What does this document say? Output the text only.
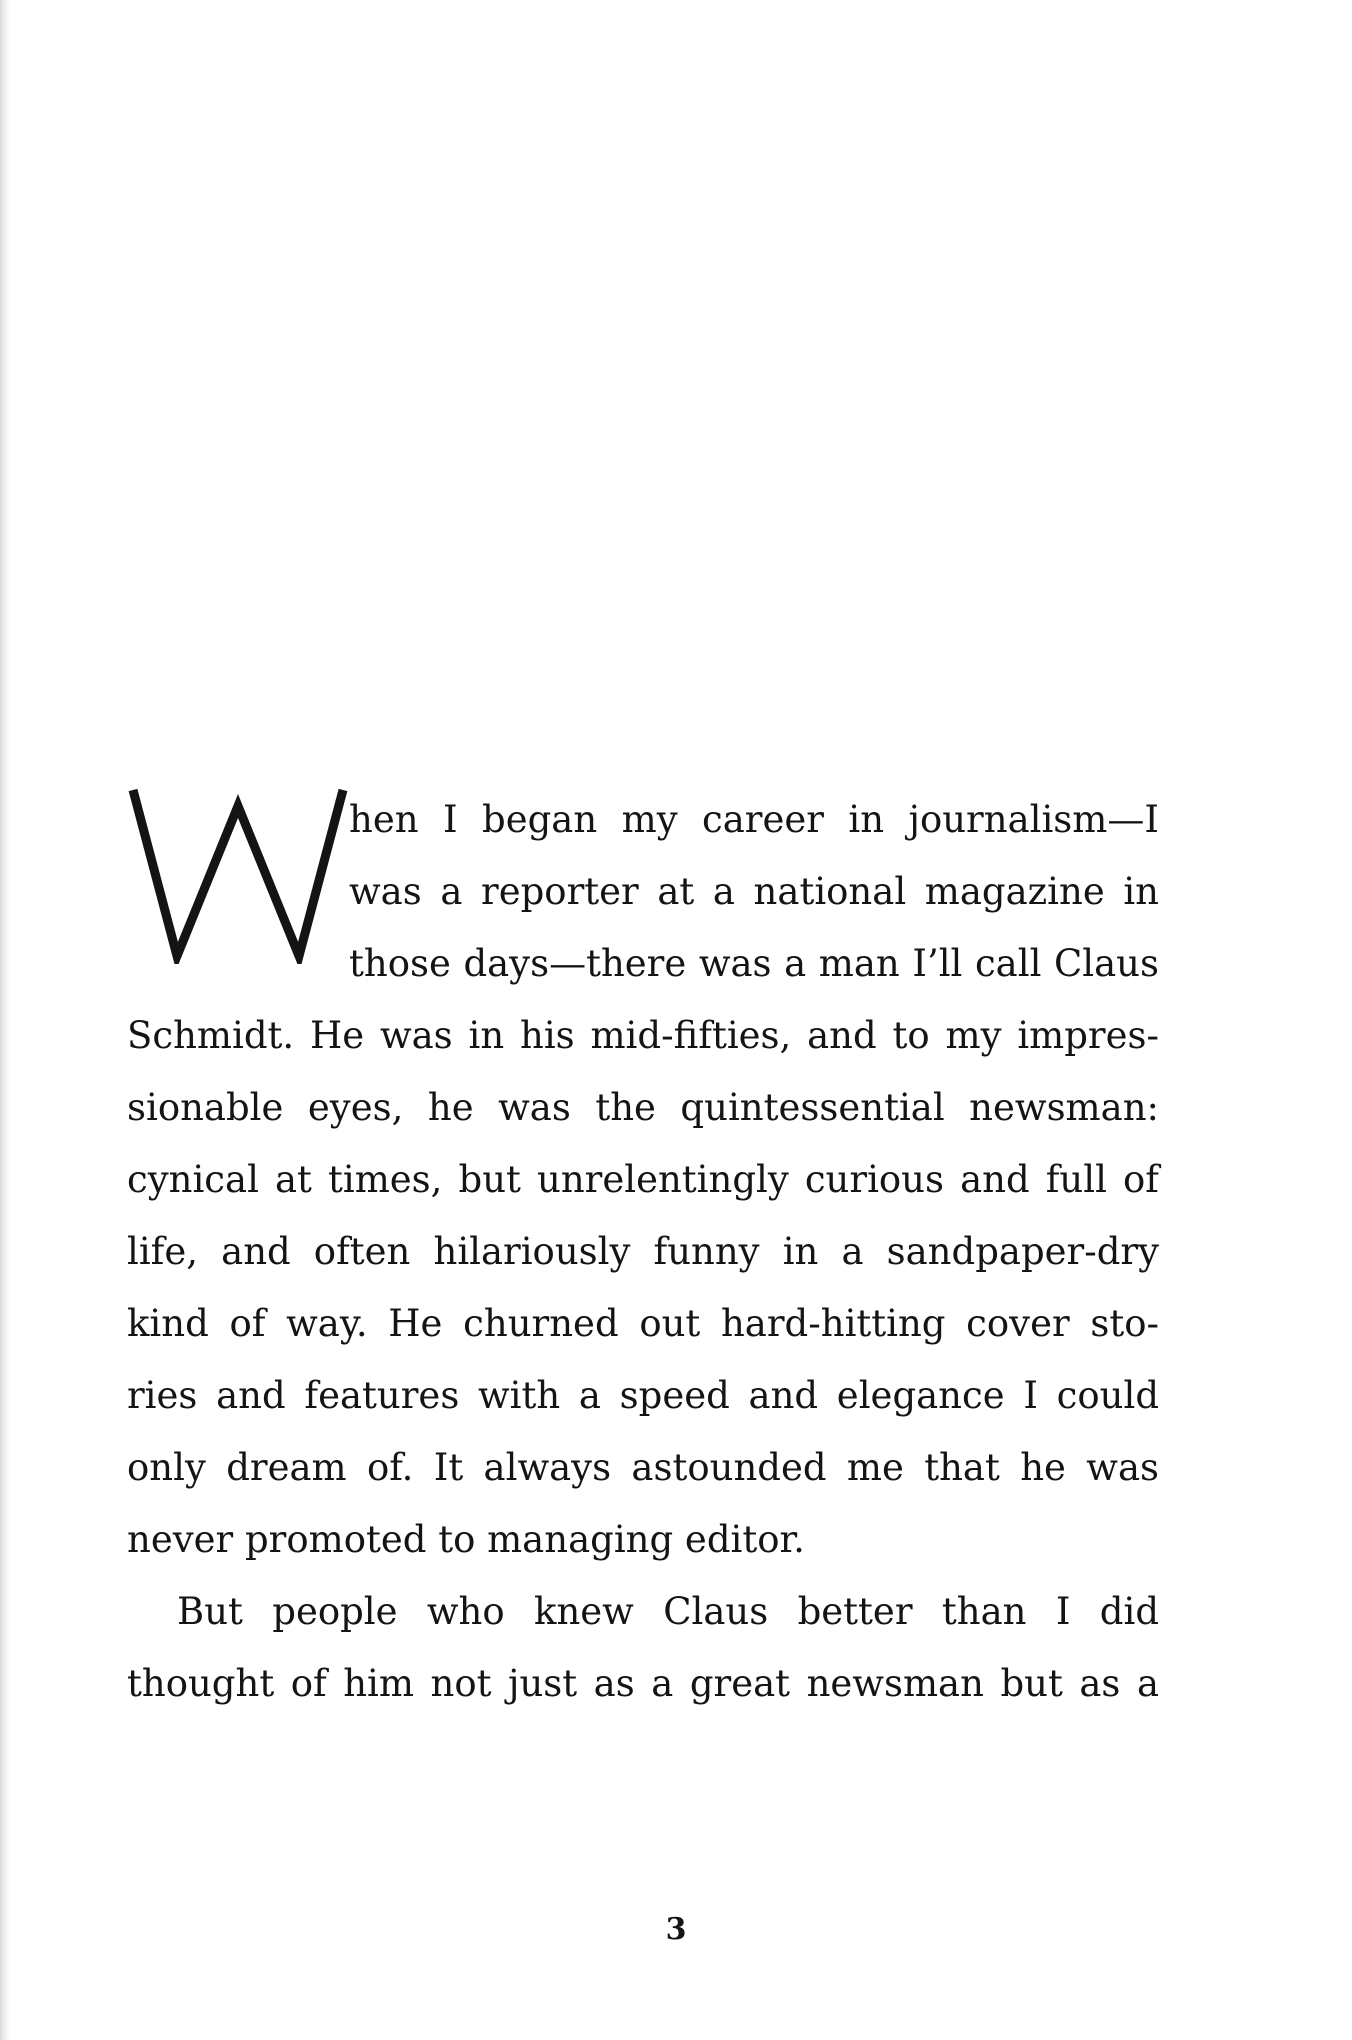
hen I began my career in journalism—I
was a reporter at a national magazine in
those days—there was a man I’ll call Claus
Schmidt. He was in his mid-fifties, and to my impres-
sionable eyes, he was the quintessential newsman:
cynical at times, but unrelentingly curious and full of
life, and often hilariously funny in a sandpaper-dry
kind of way. He churned out hard-hitting cover sto-
ries and features with a speed and elegance I could
only dream of. It always astounded me that he was
never promoted to managing editor.
But people who knew Claus better than I did
thought of him not just as a great newsman but as a
3
